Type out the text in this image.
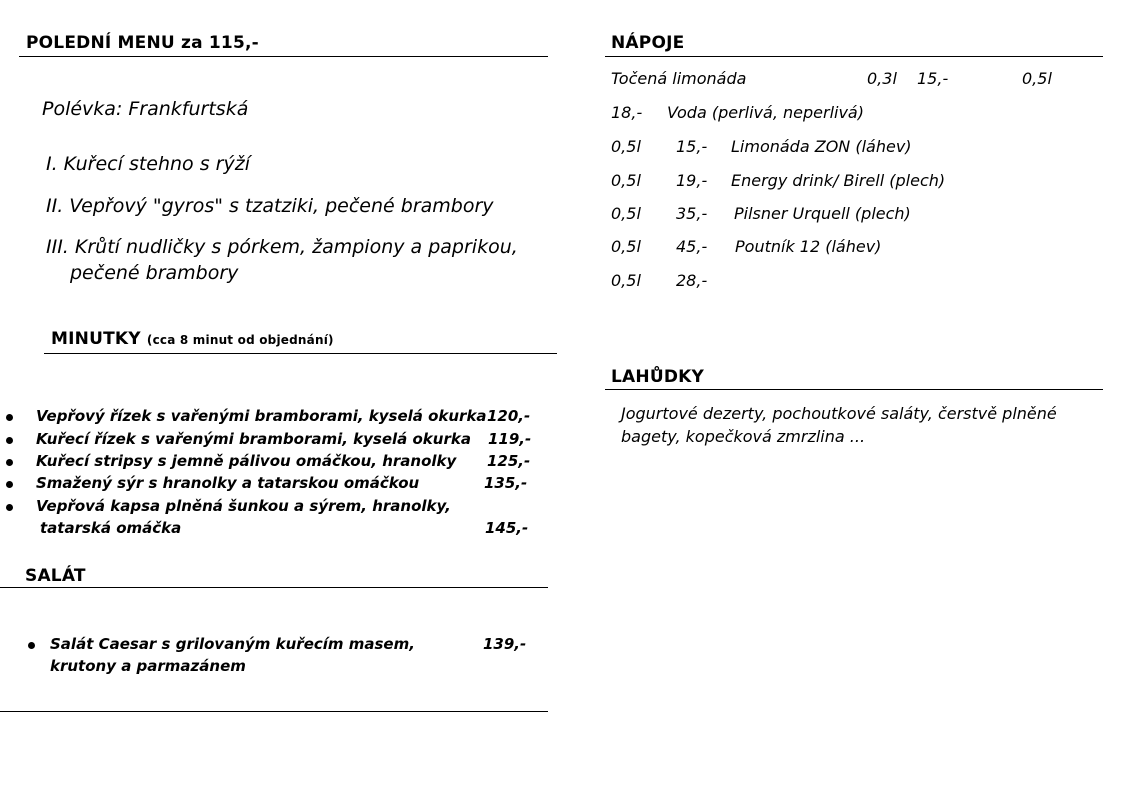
POLEDNÍ MENU za 115,-
Polévka: Frankfurtská
I. Kuřecí stehno s rýží
II. Vepřový "gyros" s tzatziki, pečené brambory
III. Krůtí nudličky s pórkem, žampiony a paprikou,
pečené brambory
MINUTKY (cca 8 minut od objednání)
Vepřový řízek s vařenými bramborami, kyselá okurka 120,-
Kuřecí řízek s vařenými bramborami, kyselá okurka 119,-
Kuřecí stripsy s jemně pálivou omáčkou, hranolky 125,-
Smažený sýr s hranolky a tatarskou omáčkou	135,-
Vepřová kapsa plněná šunkou a sýrem, hranolky,
tatarská omáčka	145,-
SALÁT
Salát Caesar s grilovaným kuřecím masem,
krutony a parmazánem
139,-
NÁPOJE
Točená limonáda	0,3l 15,-	0,5l
18,- Voda (perlivá, neperlivá)
0,5l 15,- Limonáda ZON (láhev)
0,5l 19,- Energy drink/ Birell (plech)
0,5l 35,- Pilsner Urquell (plech)
0,5l 45,- Poutník 12 (láhev)
0,5l 28,-
LAHŮDKY
Jogurtové dezerty, pochoutkové saláty, čerstvě plněné
bagety, kopečková zmrzlina ...
